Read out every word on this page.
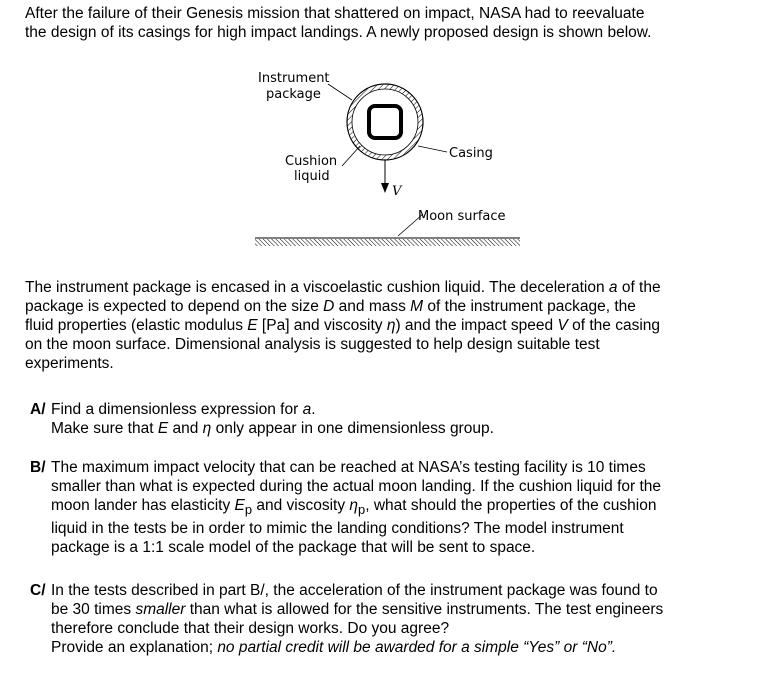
After the failure of their Genesis mission that shattered on impact, NASA had to reevaluate
the design of its casings for high impact landings. A newly proposed design is shown below.
Instrument
package
Cushion
liquid
Casing
V
Moon surface
The instrument package is encased in a viscoelastic cushion liquid. The deceleration a of the
package is expected to depend on the size D and mass M of the instrument package, the
fluid properties (elastic modulus E [Pa] and viscosity η) and the impact speed V of the casing
on the moon surface. Dimensional analysis is suggested to help design suitable test
experiments.
A/ Find a dimensionless expression for a.
Make sure that E and η only appear in one dimensionless group.
B/ The maximum impact velocity that can be reached at NASA’s testing facility is 10 times
smaller than what is expected during the actual moon landing. If the cushion liquid for the
moon lander has elasticity $E_p$ and viscosity $\eta_p$, what should the properties of the cushion
liquid in the tests be in order to mimic the landing conditions? The model instrument
package is a 1:1 scale model of the package that will be sent to space.
C/ In the tests described in part B/, the acceleration of the instrument package was found to
be 30 times smaller than what is allowed for the sensitive instruments. The test engineers
therefore conclude that their design works. Do you agree?
Provide an explanation; no partial credit will be awarded for a simple “Yes” or “No”.
